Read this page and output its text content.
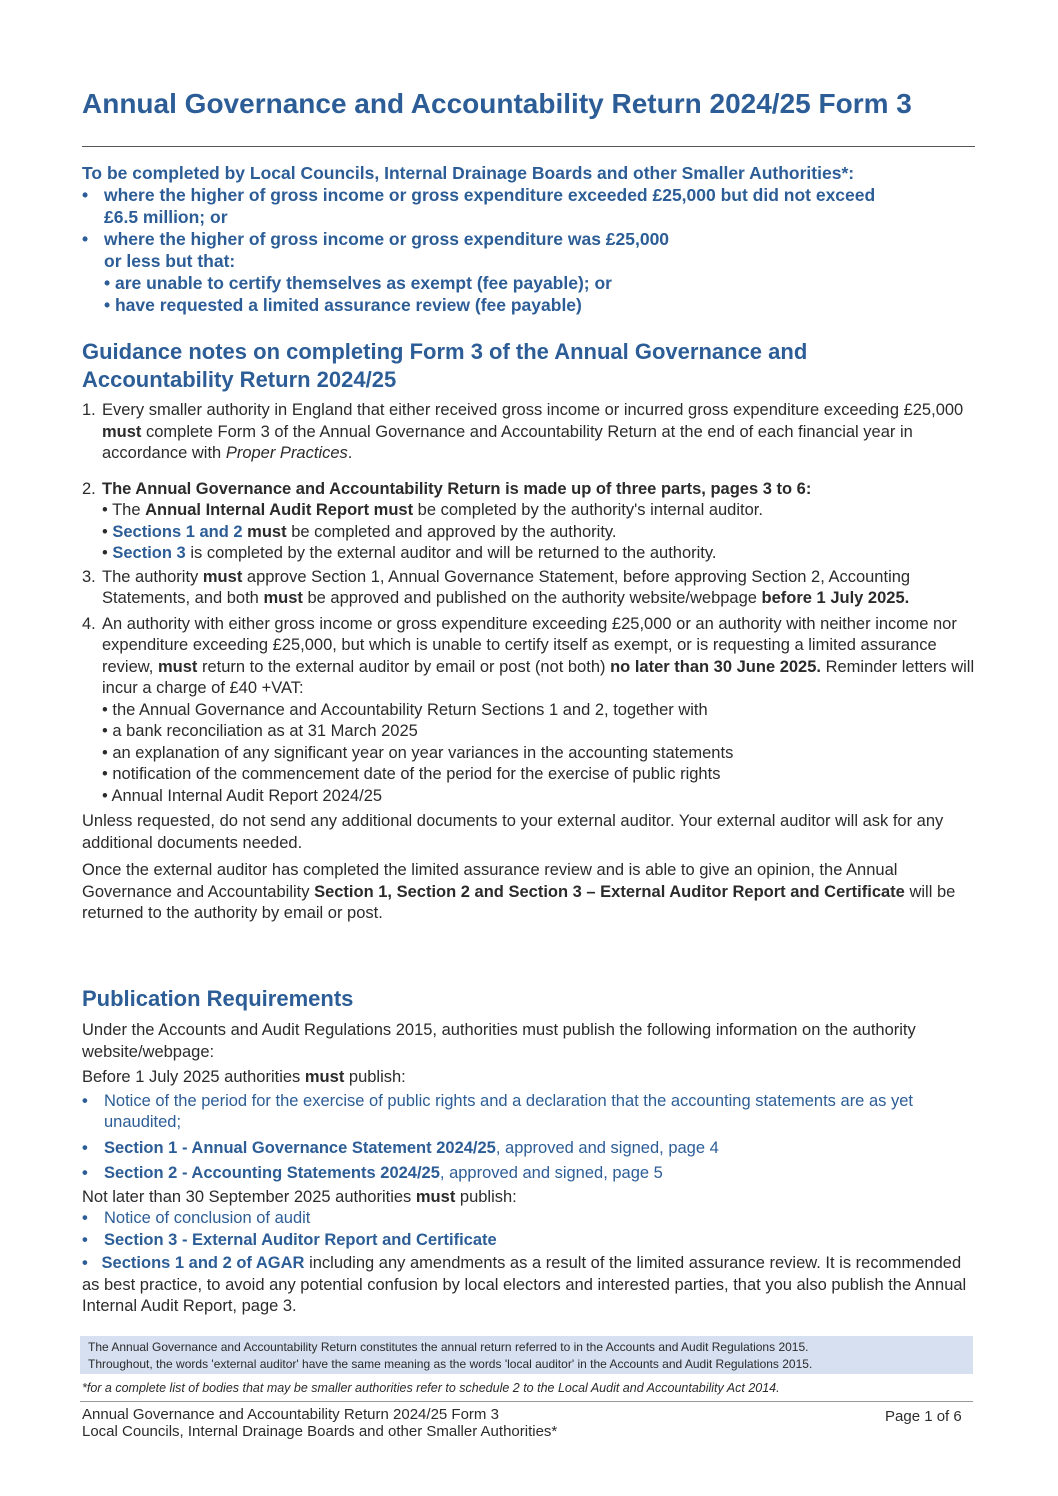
Annual Governance and Accountability Return 2024/25 Form 3

To be completed by Local Councils, Internal Drainage Boards and other Smaller Authorities*:

• where the higher of gross income or gross expenditure exceeded £25,000 but did not exceed
£6.5 million; or
• where the higher of gross income or gross expenditure was £25,000
or less but that:

• are unable to certify themselves as exempt (fee payable); or

• have requested a limited assurance review (fee payable)

Guidance notes on completing Form 3 of the Annual Governance and
Accountability Return 2024/25
1. Every smaller authority in England that either received gross income or incurred gross expenditure exceeding £25,000 must complete Form 3 of the Annual Governance and Accountability Return at the end of each financial year in accordance with Proper Practices.
2. The Annual Governance and Accountability Return is made up of three parts, pages 3 to 6:
• The Annual Internal Audit Report must be completed by the authority's internal auditor.
• Sections 1 and 2 must be completed and approved by the authority.
• Section 3 is completed by the external auditor and will be returned to the authority.
3. The authority must approve Section 1, Annual Governance Statement, before approving Section 2, Accounting Statements, and both must be approved and published on the authority website/webpage before 1 July 2025.
4. An authority with either gross income or gross expenditure exceeding £25,000 or an authority with neither income nor expenditure exceeding £25,000, but which is unable to certify itself as exempt, or is requesting a limited assurance review, must return to the external auditor by email or post (not both) no later than 30 June 2025. Reminder letters will incur a charge of £40 +VAT:
• the Annual Governance and Accountability Return Sections 1 and 2, together with
• a bank reconciliation as at 31 March 2025
• an explanation of any significant year on year variances in the accounting statements
• notification of the commencement date of the period for the exercise of public rights
• Annual Internal Audit Report 2024/25

Unless requested, do not send any additional documents to your external auditor. Your external auditor will ask for any additional documents needed.

Once the external auditor has completed the limited assurance review and is able to give an opinion, the Annual Governance and Accountability Section 1, Section 2 and Section 3 – External Auditor Report and Certificate will be returned to the authority by email or post.

Publication Requirements

Under the Accounts and Audit Regulations 2015, authorities must publish the following information on the authority website/webpage:

Before 1 July 2025 authorities must publish:

• Notice of the period for the exercise of public rights and a declaration that the accounting statements are as yet unaudited;
• Section 1 - Annual Governance Statement 2024/25, approved and signed, page 4
• Section 2 - Accounting Statements 2024/25, approved and signed, page 5

Not later than 30 September 2025 authorities must publish:

• Notice of conclusion of audit
• Section 3 - External Auditor Report and Certificate

• Sections 1 and 2 of AGAR including any amendments as a result of the limited assurance review. It is recommended as best practice, to avoid any potential confusion by local electors and interested parties, that you also publish the Annual Internal Audit Report, page 3.

The Annual Governance and Accountability Return constitutes the annual return referred to in the Accounts and Audit Regulations 2015.

Throughout, the words 'external auditor' have the same meaning as the words 'local auditor' in the Accounts and Audit Regulations 2015.

*for a complete list of bodies that may be smaller authorities refer to schedule 2 to the Local Audit and Accountability Act 2014.

Annual Governance and Accountability Return 2024/25 Form 3

Local Councils, Internal Drainage Boards and other Smaller Authorities*

Page 1 of 6
